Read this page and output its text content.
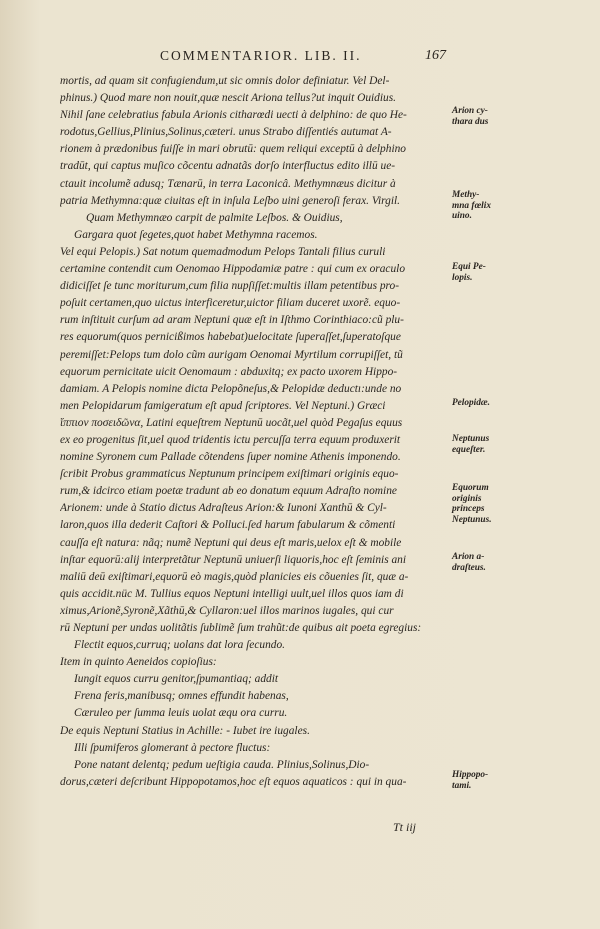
COMMENTARIOR. LIB. II.	167
mortis, ad quam sit confugiendum,ut sic omnis dolor definiatur. Vel Del-
phinus.) Quod mare non nouit,quæ nescit Ariona tellus?ut inquit Ouidius.
Nihil ſane celebratius fabula Arionis citharœdi uecti à delphino: de quo He-
rodotus,Gellius,Plinius,Solinus,cæteri. unus Strabo diſſentiés autumat A-
rionem à prædonibus fuiſſe in mari obrutū: quem reliqui exceptū à delphino
tradūt, qui captus muſico cõcentu adnatãs dorſo interfluctus edito illū ue-
ctauit incolumẽ adusq; Tænarū, in terra Laconicâ. Methymnæus dicitur à
patria Methymna:quæ ciuitas eſt in inſula Leſbo uini generoſi ferax. Virgil.
Quam Methymnæo carpit de palmite Leſbos. & Ouidius,
Gargara quot ſegetes,quot habet Methymna racemos.
Vel equi Pelopis.) Sat notum quemadmodum Pelops Tantali filius curuli
certamine contendit cum Oenomao Hippodamiæ patre : qui cum ex oraculo
didiciſſet ſe tunc moriturum,cum filia nupſiſſet:multis illam petentibus pro-
poſuit certamen,quo uictus interficeretur,uictor filiam duceret uxorẽ. equo-
rum inſtituit curſum ad aram Neptuni quæ eſt in Iſthmo Corinthiaco:cũ plu-
res equorum(quos pernicißimos habebat)uelocitate ſuperaſſet,ſuperatoſque
peremiſſet:Pelops tum dolo cũm aurigam Oenomai Myrtilum corrupiſſet, tũ
equorum pernicitate uicit Oenomaum : abduxitq; ex pacto uxorem Hippo-
damiam. A Pelopis nomine dicta Pelopõneſus,& Pelopidæ deductı:unde no
men Pelopidarum famigeratum eſt apud ſcriptores. Vel Neptuni.) Græci
ἵππιον ποσειδῶνα, Latini equeſtrem Neptunū uocãt,uel quòd Pegaſus equus
ex eo progenitus ſit,uel quod tridentis ictu percuſſa terra equum produxerit
nomine Syronem cum Pallade cõtendens ſuper nomine Athenis imponendo.
ſcribit Probus grammaticus Neptunum principem exiſtimari originis equo-
rum,& idcirco etiam poetæ tradunt ab eo donatum equum Adraſto nomine
Arionem: unde à Statio dictus Adraſteus Arion:& Iunoni Xanthū & Cyl-
laron,quos illa dederit Caſtori & Polluci.ſed harum fabularum & cõmenti
cauſſa eſt natura: nãq; numẽ Neptuni qui deus eſt maris,uelox eſt & mobile
inſtar equorū:alij interpretãtur Neptunū uniuerſi liquoris,hoc eſt ſeminis ani
maliū deū exiſtimari,equorū eò magis,quòd planicies eis cõuenies ſit, quæ a-
quis accidit.nüc M. Tullius equos Neptuni intelligi uult,uel illos quos iam di
ximus,Arionẽ,Syronẽ,Xãthū,& Cyllaron:uel illos marinos iugales, qui cur
rū Neptuni per undas uolitãtis ſublimẽ ſum trahũt:de quibus ait poeta egregius:
Flectit equos,curruq; uolans dat lora ſecundo.
Item in quinto Aeneidos copioſius:
Iungit equos curru genitor,ſpumantiaq; addit
Frena feris,manibusq; omnes effundit habenas,
Cæruleo per ſumma leuis uolat æqu ora curru.
De equis Neptuni Statius in Achille: - Iubet ire iugales.
Illi ſpumiferos glomerant à pectore fluctus:
Pone natant delentq; pedum ueſtigia cauda. Plinius,Solinus,Dio-
dorus,cæteri deſcribunt Hippopotamos,hoc eſt equos aquaticos : qui in qua-
Arion cy-
thara dus
Methy-
mna fœlix
uino.
Equi Pe-
lopis.
Pelopidæ.
Neptunus
equeſter.
Equorum
originis
princeps
Neptunus.
Arion a-
draſteus.
Hippopo-
tami.
Tt iij
